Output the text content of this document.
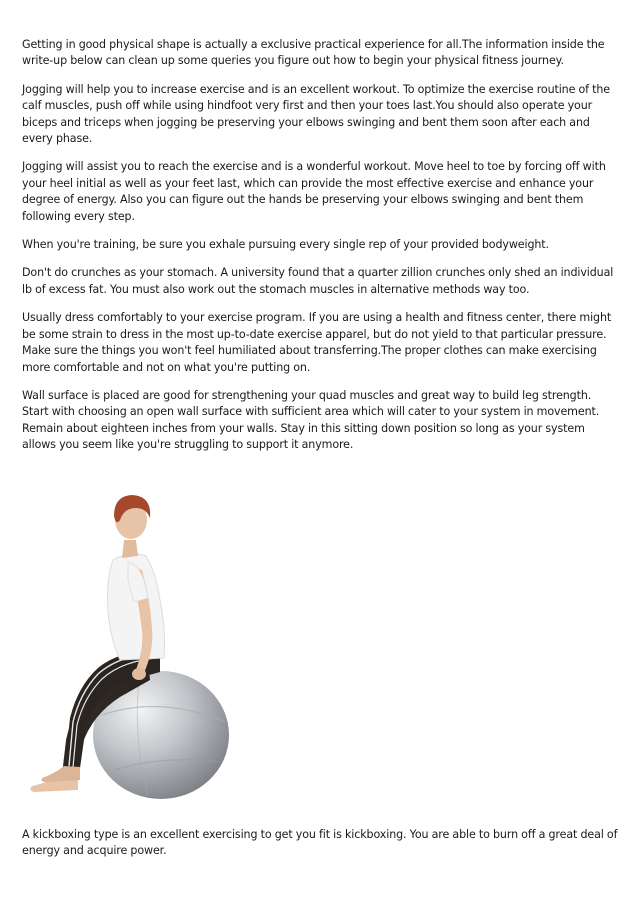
Getting in good physical shape is actually a exclusive practical experience for all.The information inside the write-up below can clean up some queries you figure out how to begin your physical fitness journey.

Jogging will help you to increase exercise and is an excellent workout. To optimize the exercise routine of the calf muscles, push off while using hindfoot very first and then your toes last.You should also operate your biceps and triceps when jogging be preserving your elbows swinging and bent them soon after each and every phase.

Jogging will assist you to reach the exercise and is a wonderful workout. Move heel to toe by forcing off with your heel initial as well as your feet last, which can provide the most effective exercise and enhance your degree of energy. Also you can figure out the hands be preserving your elbows swinging and bent them following every step.

When you're training, be sure you exhale pursuing every single rep of your provided bodyweight.

Don't do crunches as your stomach. A university found that a quarter zillion crunches only shed an individual lb of excess fat. You must also work out the stomach muscles in alternative methods way too.

Usually dress comfortably to your exercise program. If you are using a health and fitness center, there might be some strain to dress in the most up-to-date exercise apparel, but do not yield to that particular pressure. Make sure the things you won't feel humiliated about transferring.The proper clothes can make exercising more comfortable and not on what you're putting on.

Wall surface is placed are good for strengthening your quad muscles and great way to build leg strength. Start with choosing an open wall surface with sufficient area which will cater to your system in movement. Remain about eighteen inches from your walls. Stay in this sitting down position so long as your system allows you seem like you're struggling to support it anymore.

A kickboxing type is an excellent exercising to get you fit is kickboxing. You are able to burn off a great deal of energy and acquire power.
